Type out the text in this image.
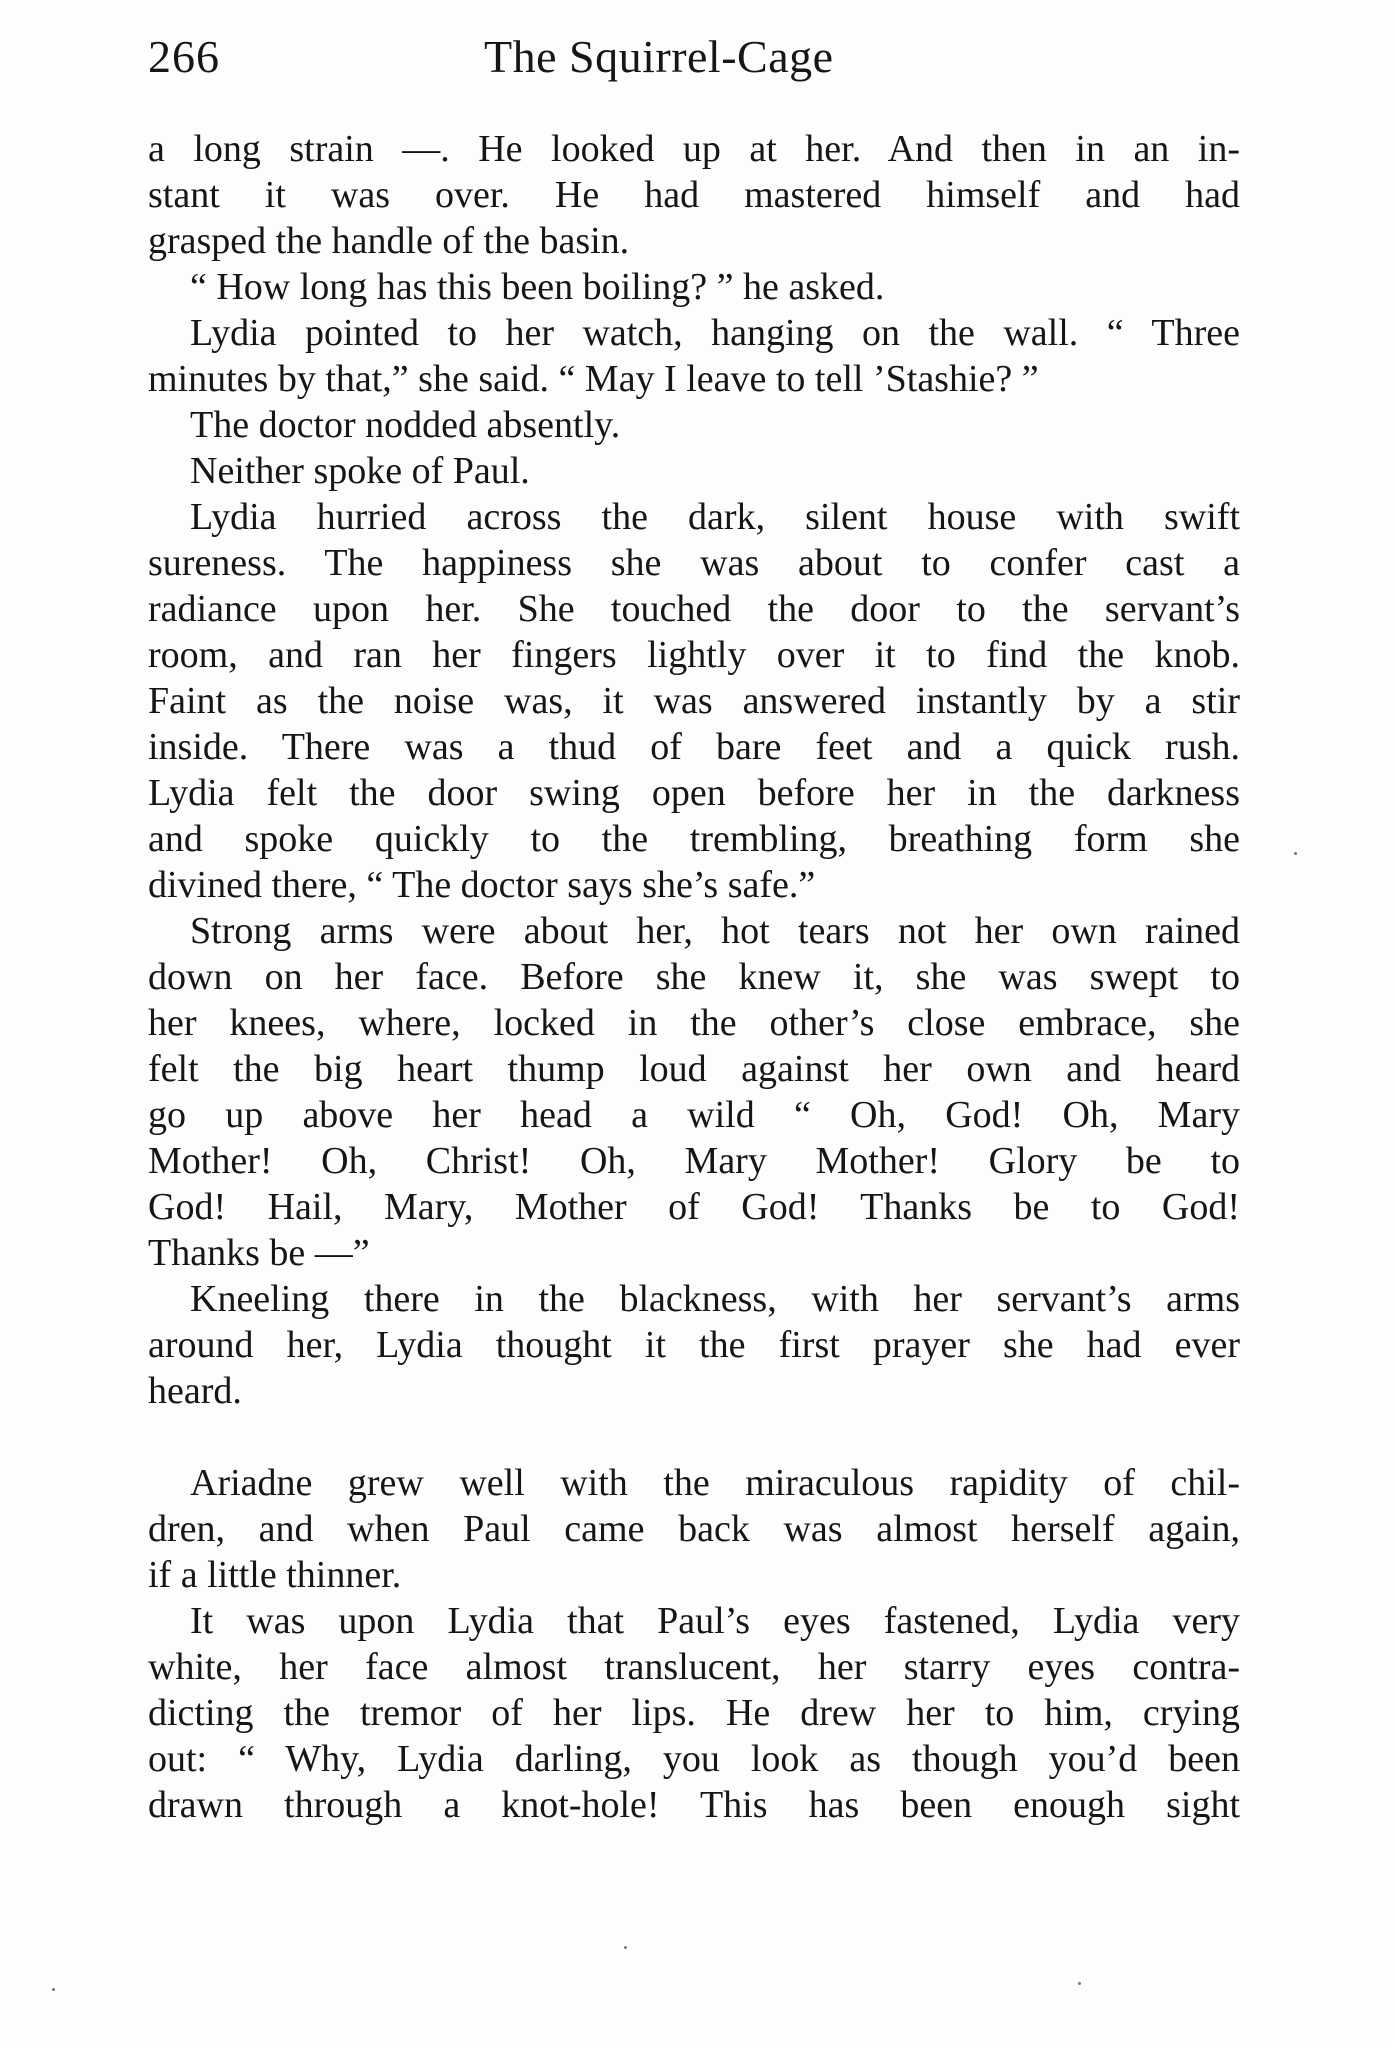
266	The Squirrel-Cage
a long strain —. He looked up at her. And then in an in-
stant it was over. He had mastered himself and had
grasped the handle of the basin.
“ How long has this been boiling? ” he asked.
Lydia pointed to her watch, hanging on the wall. “ Three
minutes by that,” she said. “ May I leave to tell ’Stashie? ”
The doctor nodded absently.
Neither spoke of Paul.
Lydia hurried across the dark, silent house with swift
sureness. The happiness she was about to confer cast a
radiance upon her. She touched the door to the servant’s
room, and ran her fingers lightly over it to find the knob.
Faint as the noise was, it was answered instantly by a stir
inside. There was a thud of bare feet and a quick rush.
Lydia felt the door swing open before her in the darkness
and spoke quickly to the trembling, breathing form she
divined there, “ The doctor says she’s safe.”
Strong arms were about her, hot tears not her own rained
down on her face. Before she knew it, she was swept to
her knees, where, locked in the other’s close embrace, she
felt the big heart thump loud against her own and heard
go up above her head a wild “ Oh, God! Oh, Mary
Mother! Oh, Christ! Oh, Mary Mother! Glory be to
God! Hail, Mary, Mother of God! Thanks be to God!
Thanks be —”
Kneeling there in the blackness, with her servant’s arms
around her, Lydia thought it the first prayer she had ever
heard.
Ariadne grew well with the miraculous rapidity of chil-
dren, and when Paul came back was almost herself again,
if a little thinner.
It was upon Lydia that Paul’s eyes fastened, Lydia very
white, her face almost translucent, her starry eyes contra-
dicting the tremor of her lips. He drew her to him, crying
out: “ Why, Lydia darling, you look as though you’d been
drawn through a knot-hole! This has been enough sight
